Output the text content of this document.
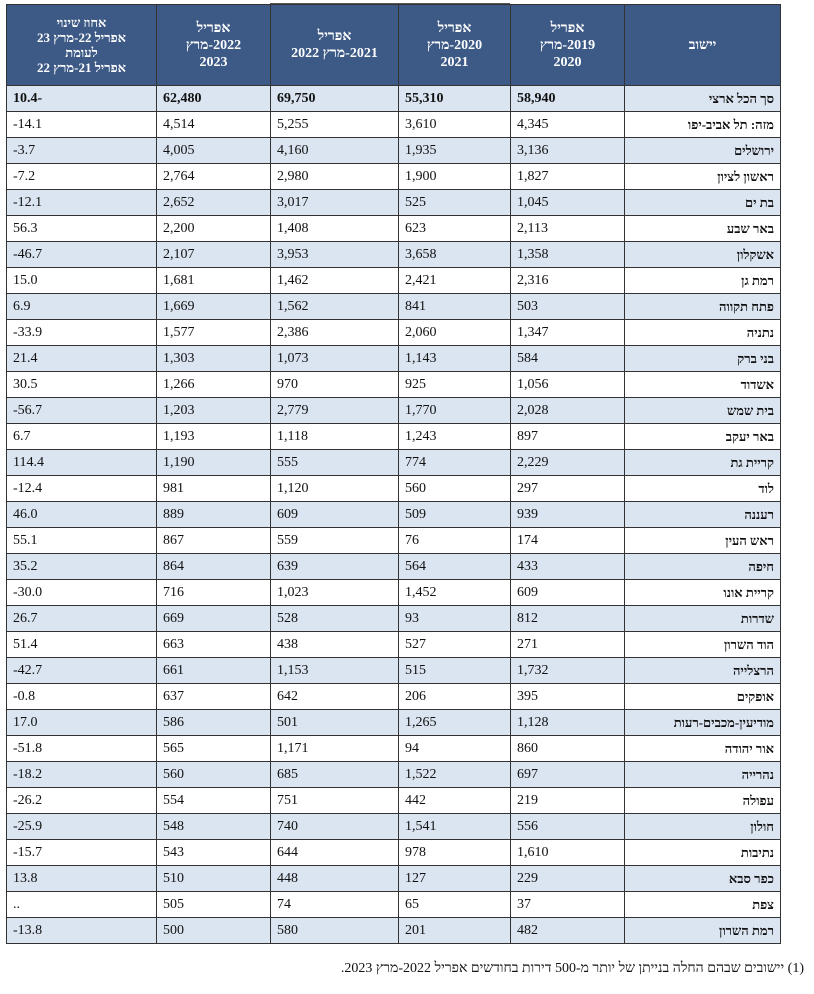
יישוב	אפריל
2019-מרץ
2020	אפריל
2020-מרץ
2021	אפריל
2021-מרץ 2022	אפריל
2022-מרץ
2023	אחוז שינוי
אפריל 22-מרץ 23
לעומת
אפריל 21-מרץ 22
סך הכל ארצי	58,940	55,310	69,750	62,480	-10.4
מזה: תל אביב-יפו	4,345	3,610	5,255	4,514	14.1-
ירושלים	3,136	1,935	4,160	4,005	3.7-
ראשון לציון	1,827	1,900	2,980	2,764	7.2-
בת ים	1,045	525	3,017	2,652	12.1-
באר שבע	2,113	623	1,408	2,200	56.3
אשקלון	1,358	3,658	3,953	2,107	46.7-
רמת גן	2,316	2,421	1,462	1,681	15.0
פתח תקווה	503	841	1,562	1,669	6.9
נתניה	1,347	2,060	2,386	1,577	33.9-
בני ברק	584	1,143	1,073	1,303	21.4
אשדוד	1,056	925	970	1,266	30.5
בית שמש	2,028	1,770	2,779	1,203	56.7-
באר יעקב	897	1,243	1,118	1,193	6.7
קריית גת	2,229	774	555	1,190	114.4
לוד	297	560	1,120	981	12.4-
רעננה	939	509	609	889	46.0
ראש העין	174	76	559	867	55.1
חיפה	433	564	639	864	35.2
קריית אונו	609	1,452	1,023	716	30.0-
שדרות	812	93	528	669	26.7
הוד השרון	271	527	438	663	51.4
הרצלייה	1,732	515	1,153	661	42.7-
אופקים	395	206	642	637	0.8-
מודיעין-מכבים-רעות	1,128	1,265	501	586	17.0
אור יהודה	860	94	1,171	565	51.8-
נהרייה	697	1,522	685	560	18.2-
עפולה	219	442	751	554	26.2-
חולון	556	1,541	740	548	25.9-
נתיבות	1,610	978	644	543	15.7-
כפר סבא	229	127	448	510	13.8
צפת	37	65	74	505	..
רמת השרון	482	201	580	500	13.8-
(1) יישובים שבהם החלה בנייתן של יותר מ-500 דירות בחודשים אפריל 2022-מרץ 2023.
